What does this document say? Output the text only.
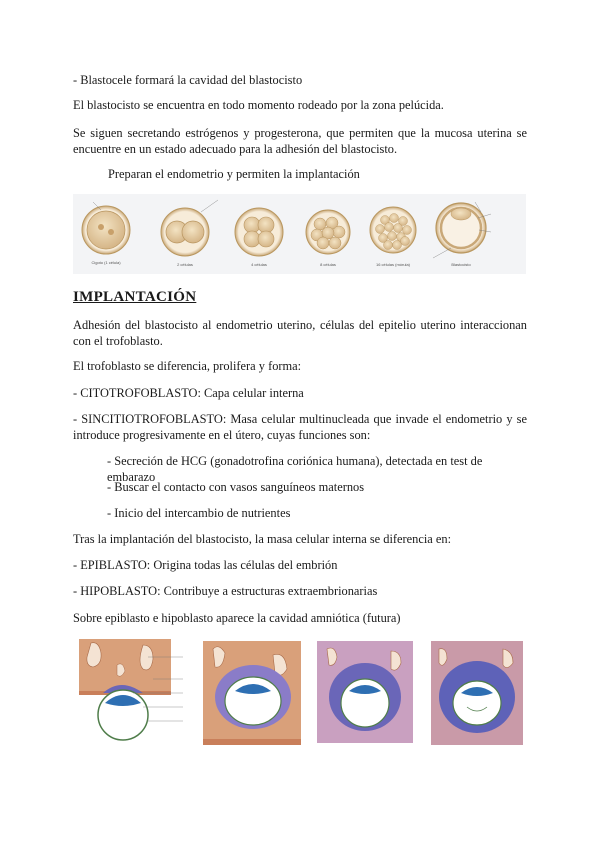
- Blastocele formará la cavidad del blastocisto

El blastocisto se encuentra en todo momento rodeado por la zona pelúcida.

Se siguen secretando estrógenos y progesterona, que permiten que la mucosa uterina se encuentre en un estado adecuado para la adhesión del blastocisto.

Preparan el endometrio y permiten la implantación

Cigoto (1 célula)	2 células	4 células	8 células	16 células (mórula)	Blastocisto
IMPLANTACIÓN

Adhesión del blastocisto al endometrio uterino, células del epitelio uterino interaccionan con el trofoblasto.

El trofoblasto se diferencia, prolifera y forma:

- CITOTROFOBLASTO: Capa celular interna

- SINCITIOTROFOBLASTO: Masa celular multinucleada que invade el endometrio y se introduce progresivamente en el útero, cuyas funciones son:

- Secreción de HCG (gonadotrofina coriónica humana), detectada en test de embarazo

- Buscar el contacto con vasos sanguíneos maternos

- Inicio del intercambio de nutrientes

Tras la implantación del blastocisto, la masa celular interna se diferencia en:

- EPIBLASTO: Origina todas las células del embrión

- HIPOBLASTO: Contribuye a estructuras extraembrionarias

Sobre epiblasto e hipoblasto aparece la cavidad amniótica (futura)
